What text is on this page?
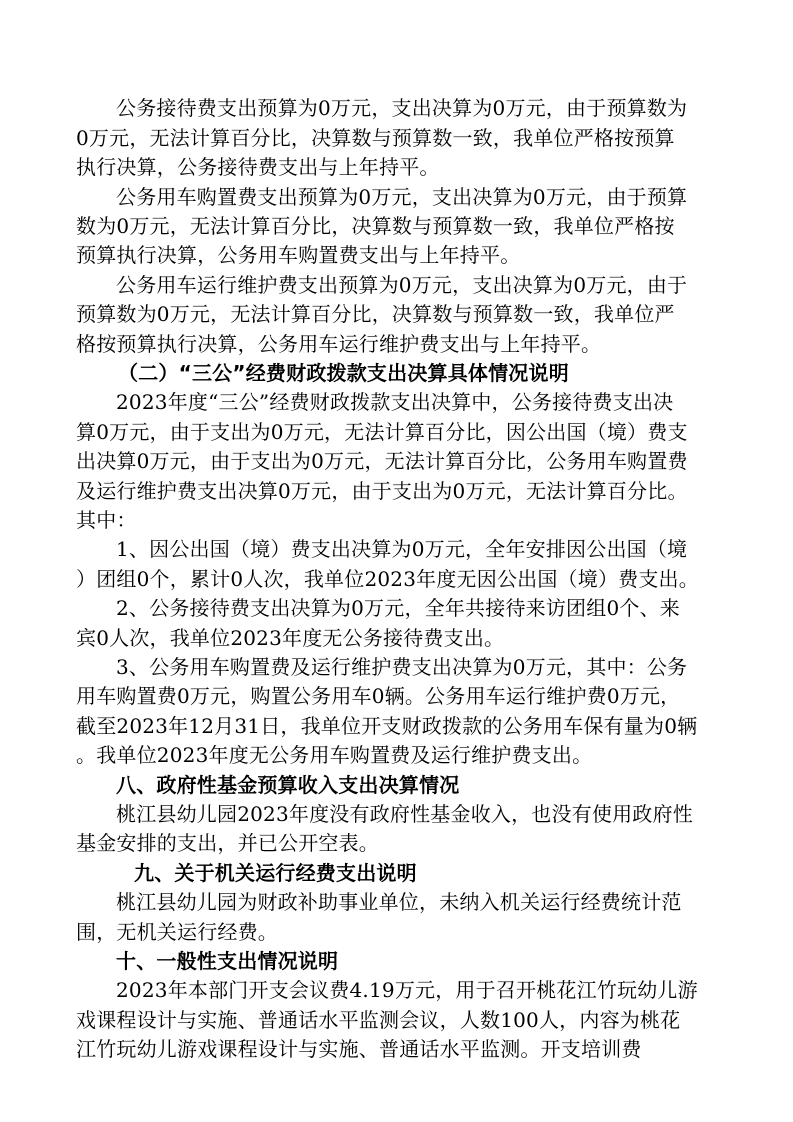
公务接待费支出预算为0万元，支出决算为0万元，由于预算数为
0万元，无法计算百分比，决算数与预算数一致，我单位严格按预算
执行决算，公务接待费支出与上年持平。
公务用车购置费支出预算为0万元，支出决算为0万元，由于预算
数为0万元，无法计算百分比，决算数与预算数一致，我单位严格按
预算执行决算，公务用车购置费支出与上年持平。
公务用车运行维护费支出预算为0万元，支出决算为0万元，由于
预算数为0万元，无法计算百分比，决算数与预算数一致，我单位严
格按预算执行决算，公务用车运行维护费支出与上年持平。
（二）“三公”经费财政拨款支出决算具体情况说明
2023年度“三公”经费财政拨款支出决算中，公务接待费支出决
算0万元，由于支出为0万元，无法计算百分比，因公出国（境）费支
出决算0万元，由于支出为0万元，无法计算百分比，公务用车购置费
及运行维护费支出决算0万元，由于支出为0万元，无法计算百分比。
其中：
1、因公出国（境）费支出决算为0万元，全年安排因公出国（境
）团组0个，累计0人次，我单位2023年度无因公出国（境）费支出。
2、公务接待费支出决算为0万元，全年共接待来访团组0个、来
宾0人次，我单位2023年度无公务接待费支出。
3、公务用车购置费及运行维护费支出决算为0万元，其中：公务
用车购置费0万元，购置公务用车0辆。公务用车运行维护费0万元，
截至2023年12月31日，我单位开支财政拨款的公务用车保有量为0辆
。我单位2023年度无公务用车购置费及运行维护费支出。
八、政府性基金预算收入支出决算情况
桃江县幼儿园2023年度没有政府性基金收入，也没有使用政府性
基金安排的支出，并已公开空表。
九、关于机关运行经费支出说明
桃江县幼儿园为财政补助事业单位，未纳入机关运行经费统计范
围，无机关运行经费。
十、一般性支出情况说明
2023年本部门开支会议费4.19万元，用于召开桃花江竹玩幼儿游
戏课程设计与实施、普通话水平监测会议，人数100人，内容为桃花
江竹玩幼儿游戏课程设计与实施、普通话水平监测。开支培训费
